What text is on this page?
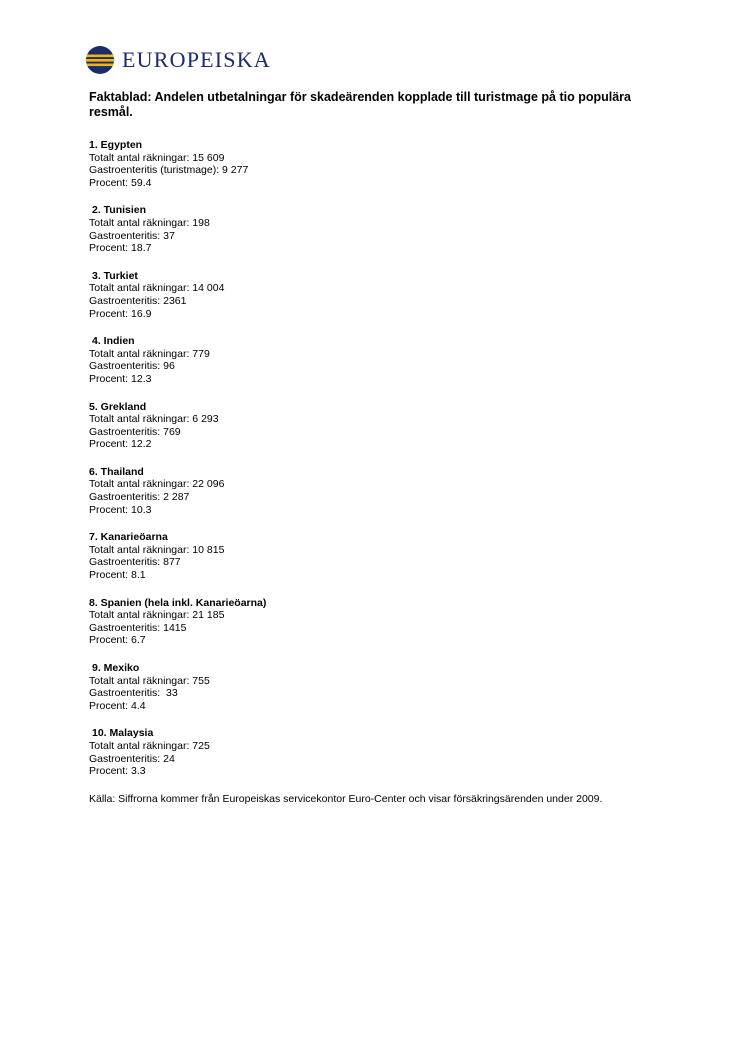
EUROPEISKA
Faktablad: Andelen utbetalningar för skadeärenden kopplade till turistmage på tio populära resmål.
1. Egypten
Totalt antal räkningar: 15 609
Gastroenteritis (turistmage): 9 277
Procent: 59.4
2. Tunisien
Totalt antal räkningar: 198
Gastroenteritis: 37
Procent: 18.7
3. Turkiet
Totalt antal räkningar: 14 004
Gastroenteritis: 2361
Procent: 16.9
4. Indien
Totalt antal räkningar: 779
Gastroenteritis: 96
Procent: 12.3
5. Grekland
Totalt antal räkningar: 6 293
Gastroenteritis: 769
Procent: 12.2
6. Thailand
Totalt antal räkningar: 22 096
Gastroenteritis: 2 287
Procent: 10.3
7. Kanarieöarna
Totalt antal räkningar: 10 815
Gastroenteritis: 877
Procent: 8.1
8. Spanien (hela inkl. Kanarieöarna)
Totalt antal räkningar: 21 185
Gastroenteritis: 1415
Procent: 6.7
9. Mexiko
Totalt antal räkningar: 755
Gastroenteritis:  33
Procent: 4.4
10. Malaysia
Totalt antal räkningar: 725
Gastroenteritis: 24
Procent: 3.3

Källa: Siffrorna kommer från Europeiskas servicekontor Euro-Center och visar försäkringsärenden under 2009.
